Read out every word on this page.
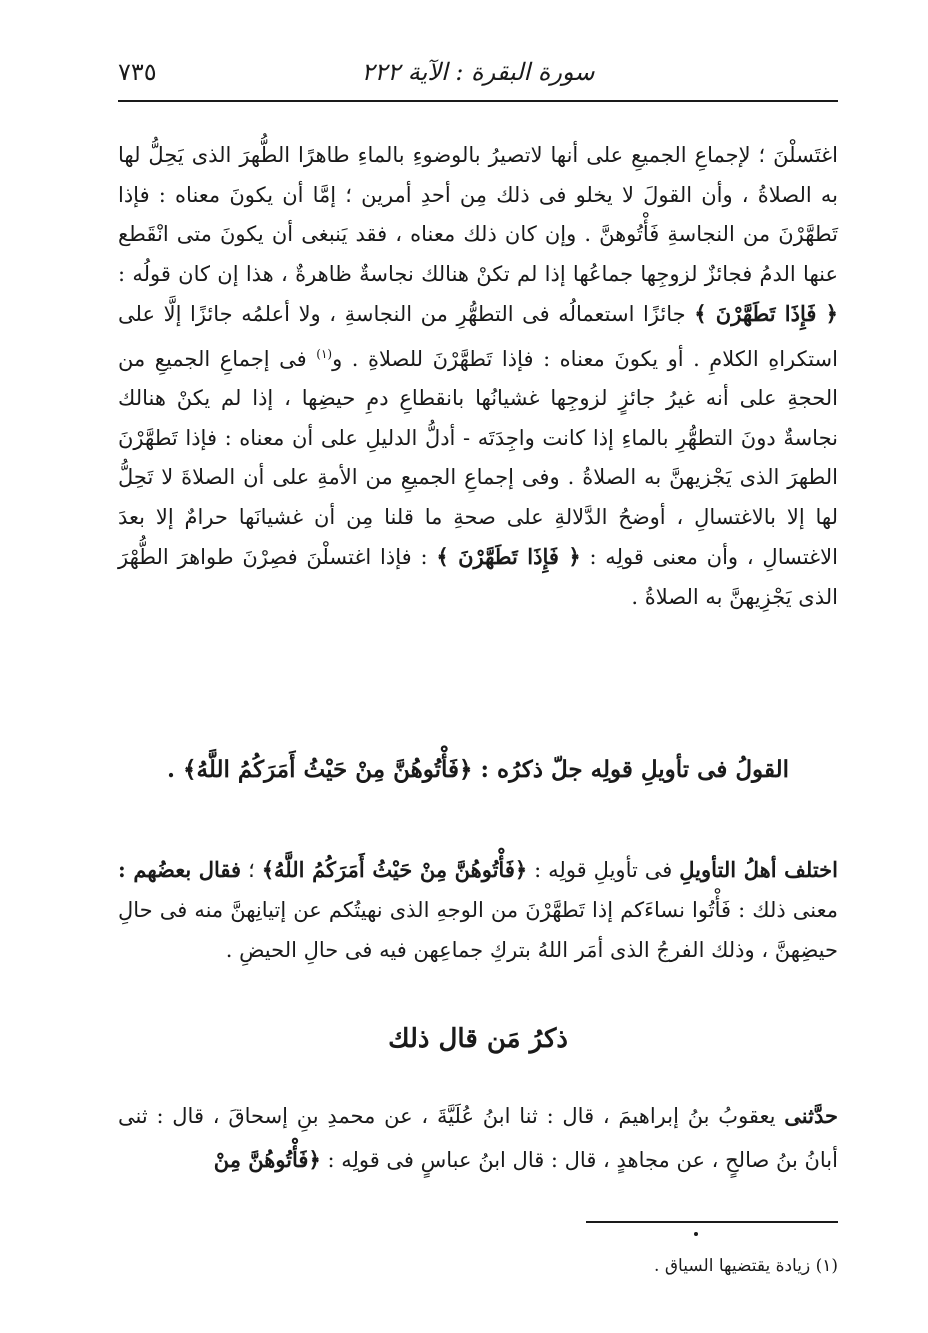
سورة البقرة : الآية ٢٢٢
٧٣٥

اغتَسلْنَ ؛ لإجماعِ الجميعِ على أنها لاتصيرُ بالوضوءِ بالماءِ طاهرًا الطُّهرَ الذى يَحِلُّ لها به الصلاةُ ، وأن القولَ لا يخلو فى ذلك مِن أحدِ أمرين ؛ إمَّا أن يكونَ معناه : فإذا تَطهَّرْنَ من النجاسةِ فَأْتُوهنَّ . وإن كان ذلك معناه ، فقد يَنبغى أن يكونَ متى انْقَطع عنها الدمُ فجائزٌ لزوجِها جماعُها إذا لم تكنْ هنالك نجاسةٌ ظاهرةٌ ، هذا إن كان قولُه : ﴿ فَإِذَا تَطَهَّرْنَ ﴾ جائزًا استعمالُه فى التطهُّرِ من النجاسةِ ، ولا أعلمُه جائزًا إلَّا على استكراهِ الكلامِ . أو يكونَ معناه : فإذا تَطهَّرْنَ للصلاةِ . و$^{(١)}$ فى إجماعِ الجميعِ من الحجةِ على أنه غيرُ جائزٍ لزوجِها غشيانُها بانقطاعِ دمِ حيضِها ، إذا لم يكنْ هنالك نجاسةٌ دونَ التطهُّرِ بالماءِ إذا كانت واجِدَتَه - أدلُّ الدليلِ على أن معناه : فإذا تَطهَّرْنَ الطهرَ الذى يَجْزيهنَّ به الصلاةُ . وفى إجماعِ الجميعِ من الأمةِ على أن الصلاةَ لا تَحِلُّ لها إلا بالاغتسالِ ، أوضحُ الدَّلالةِ على صحةِ ما قلنا مِن أن غشيانَها حرامٌ إلا بعدَ الاغتسالِ ، وأن معنى قولِه : ﴿ فَإِذَا تَطَهَّرْنَ ﴾ : فإذا اغتسلْنَ فصِرْنَ طواهرَ الطُّهْرَ الذى يَجْزِيهنَّ به الصلاةُ .

القولُ فى تأويلِ قولِه جلّ ذكرُه : ﴿فَأْتُوهُنَّ مِنْ حَيْثُ أَمَرَكُمُ اللَّهُ﴾ .

اختلف أهلُ التأويلِ فى تأويلِ قولِه : ﴿فَأْتُوهُنَّ مِنْ حَيْثُ أَمَرَكُمُ اللَّهُ﴾ ؛ فقال بعضُهم : معنى ذلك : فَأْتُوا نساءَكم إذا تَطهَّرْنَ من الوجهِ الذى نهيتُكم عن إتيانِهنَّ منه فى حالِ حيضِهنَّ ، وذلك الفرجُ الذى أمَر اللهُ بتركِ جماعِهن فيه فى حالِ الحيضِ .

ذكرُ مَن قال ذلك

حدَّثنى يعقوبُ بنُ إبراهيمَ ، قال : ثنا ابنُ عُلَيَّةَ ، عن محمدِ بنِ إسحاقَ ، قال : ثنى أبانُ بنُ صالحٍ ، عن مجاهدٍ ، قال : قال ابنُ عباسٍ فى قولِه : ﴿فَأْتُوهُنَّ مِنْ

(١) زيادة يقتضيها السياق .
